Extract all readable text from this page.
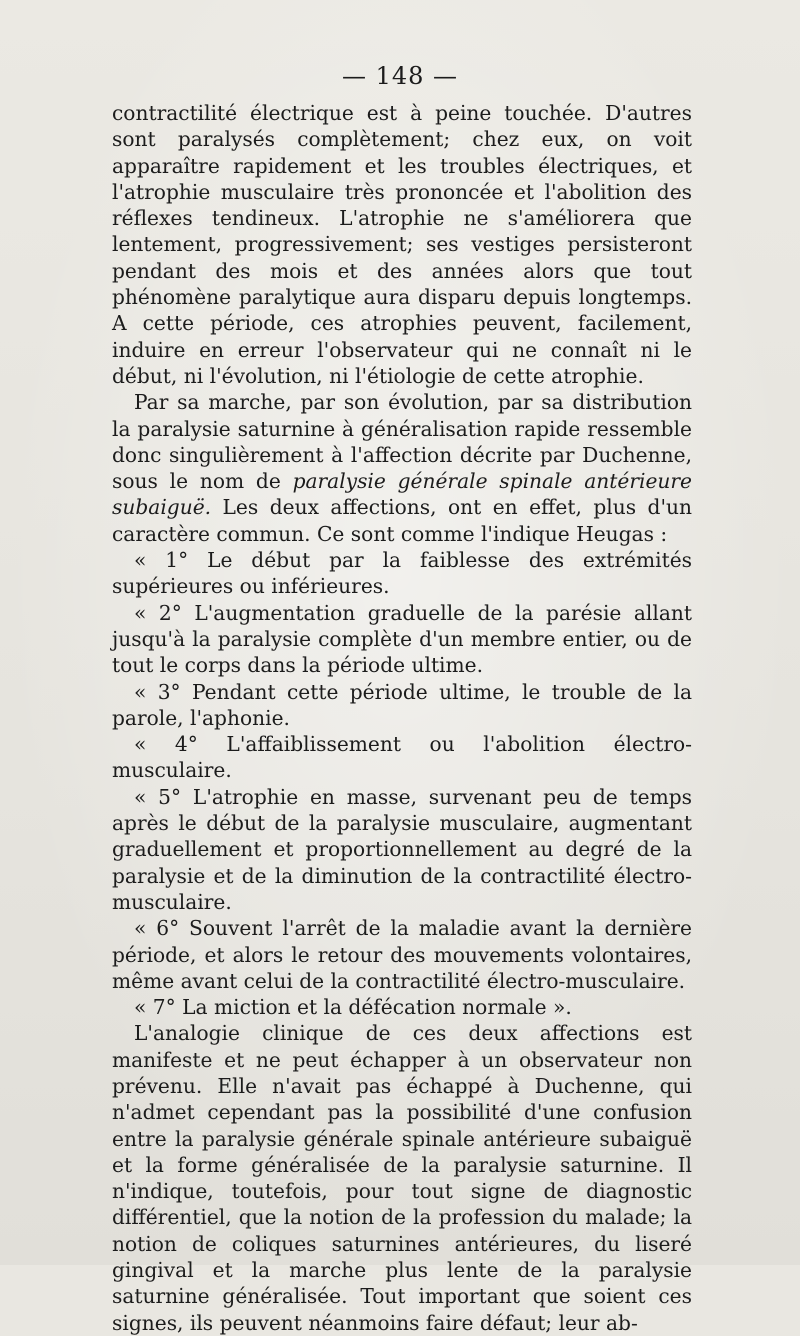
— 148 —

contractilité électrique est à peine touchée. D'autres sont paralysés complètement; chez eux, on voit apparaître rapidement et les troubles électriques, et l'atrophie musculaire très prononcée et l'abolition des réflexes tendineux. L'atrophie ne s'améliorera que lentement, progressivement; ses vestiges persisteront pendant des mois et des années alors que tout phénomène paralytique aura disparu depuis longtemps. A cette période, ces atrophies peuvent, facilement, induire en erreur l'observateur qui ne connaît ni le début, ni l'évolution, ni l'étiologie de cette atrophie.

Par sa marche, par son évolution, par sa distribution la paralysie saturnine à généralisation rapide ressemble donc singulièrement à l'affection décrite par Duchenne, sous le nom de paralysie générale spinale antérieure subaiguë. Les deux affections, ont en effet, plus d'un caractère commun. Ce sont comme l'indique Heugas :

« 1° Le début par la faiblesse des extrémités supérieures ou inférieures.

« 2° L'augmentation graduelle de la parésie allant jusqu'à la paralysie complète d'un membre entier, ou de tout le corps dans la période ultime.

« 3° Pendant cette période ultime, le trouble de la parole, l'aphonie.

« 4° L'affaiblissement ou l'abolition électro-musculaire.

« 5° L'atrophie en masse, survenant peu de temps après le début de la paralysie musculaire, augmentant graduellement et proportionnellement au degré de la paralysie et de la diminution de la contractilité électro-musculaire.

« 6° Souvent l'arrêt de la maladie avant la dernière période, et alors le retour des mouvements volontaires, même avant celui de la contractilité électro-musculaire.

« 7° La miction et la défécation normale ».

L'analogie clinique de ces deux affections est manifeste et ne peut échapper à un observateur non prévenu. Elle n'avait pas échappé à Duchenne, qui n'admet cependant pas la possibilité d'une confusion entre la paralysie générale spinale antérieure subaiguë et la forme généralisée de la paralysie saturnine. Il n'indique, toutefois, pour tout signe de diagnostic différentiel, que la notion de la profession du malade; la notion de coliques saturnines antérieures, du liseré gingival et la marche plus lente de la paralysie saturnine généralisée. Tout important que soient ces signes, ils peuvent néanmoins faire défaut; leur ab-
